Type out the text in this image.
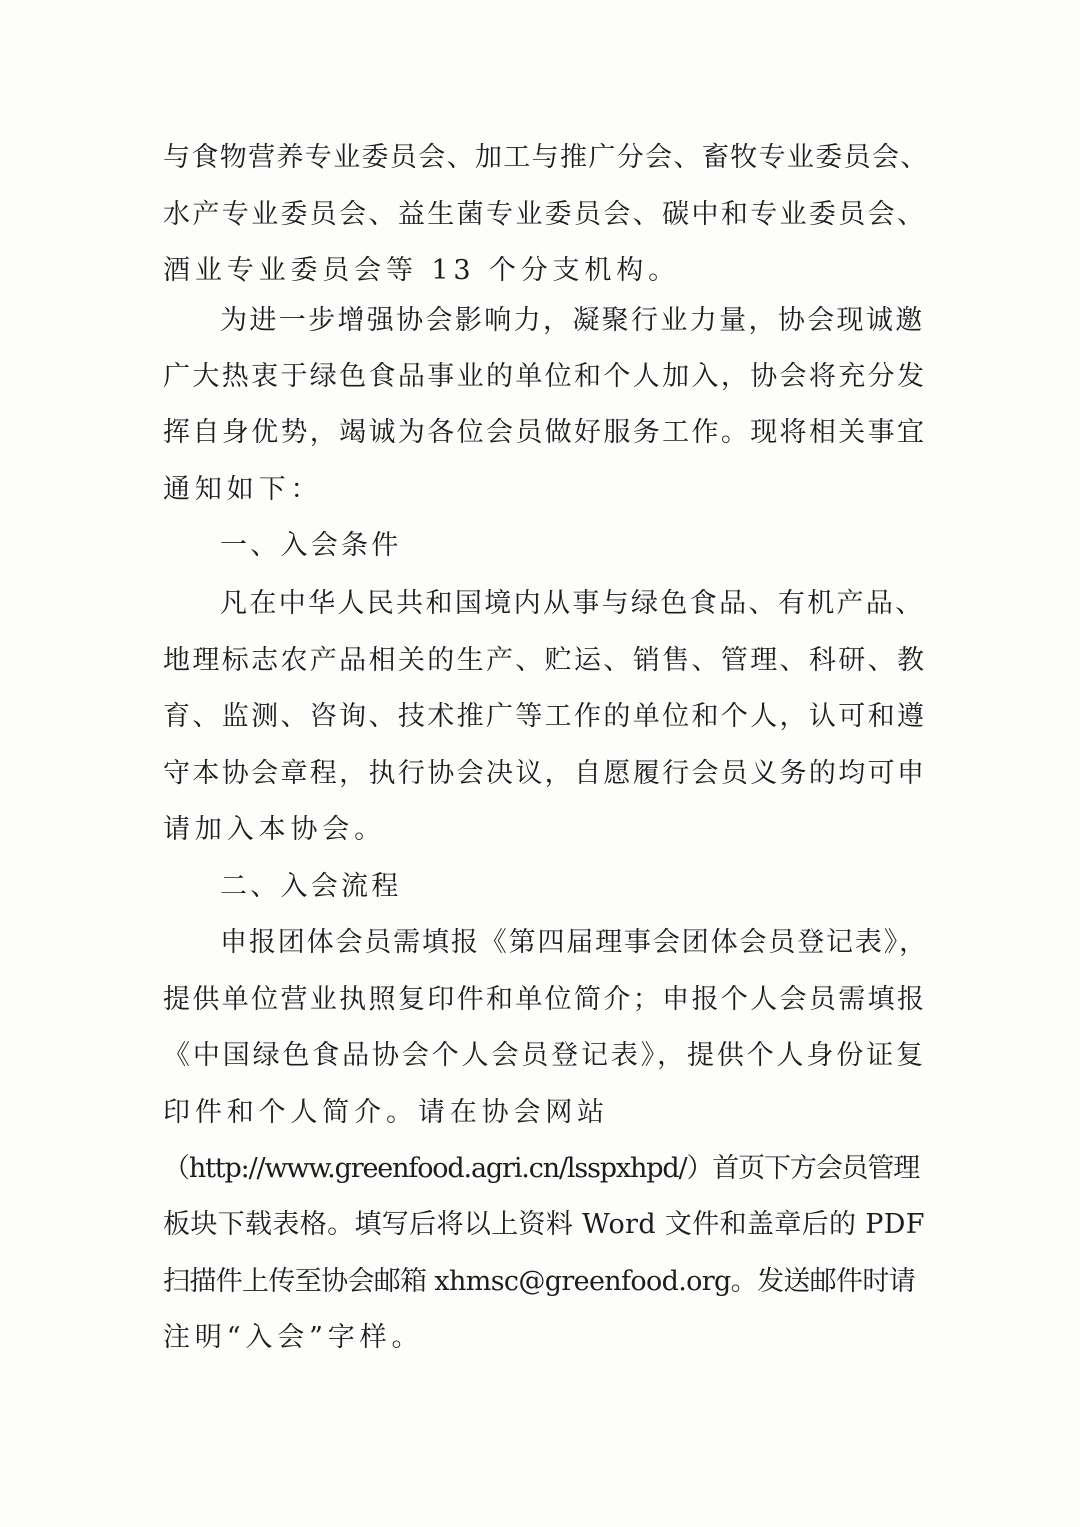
与食物营养专业委员会、加工与推广分会、畜牧专业委员会、
水产专业委员会、益生菌专业委员会、碳中和专业委员会、
酒业专业委员会等 13 个分支机构。
为进一步增强协会影响力，凝聚行业力量，协会现诚邀
广大热衷于绿色食品事业的单位和个人加入，协会将充分发
挥自身优势，竭诚为各位会员做好服务工作。现将相关事宜
通知如下：
一、入会条件
凡在中华人民共和国境内从事与绿色食品、有机产品、
地理标志农产品相关的生产、贮运、销售、管理、科研、教
育、监测、咨询、技术推广等工作的单位和个人，认可和遵
守本协会章程，执行协会决议，自愿履行会员义务的均可申
请加入本协会。
二、入会流程
申报团体会员需填报《第四届理事会团体会员登记表》，
提供单位营业执照复印件和单位简介；申报个人会员需填报
《中国绿色食品协会个人会员登记表》，提供个人身份证复
印件和个人简介。请在协会网站
（http://www.greenfood.agri.cn/lsspxhpd/）首页下方会员管理
板块下载表格。填写后将以上资料 Word 文件和盖章后的 PDF
扫描件上传至协会邮箱 xhmsc@greenfood.org。发送邮件时请
注明“入会”字样。
